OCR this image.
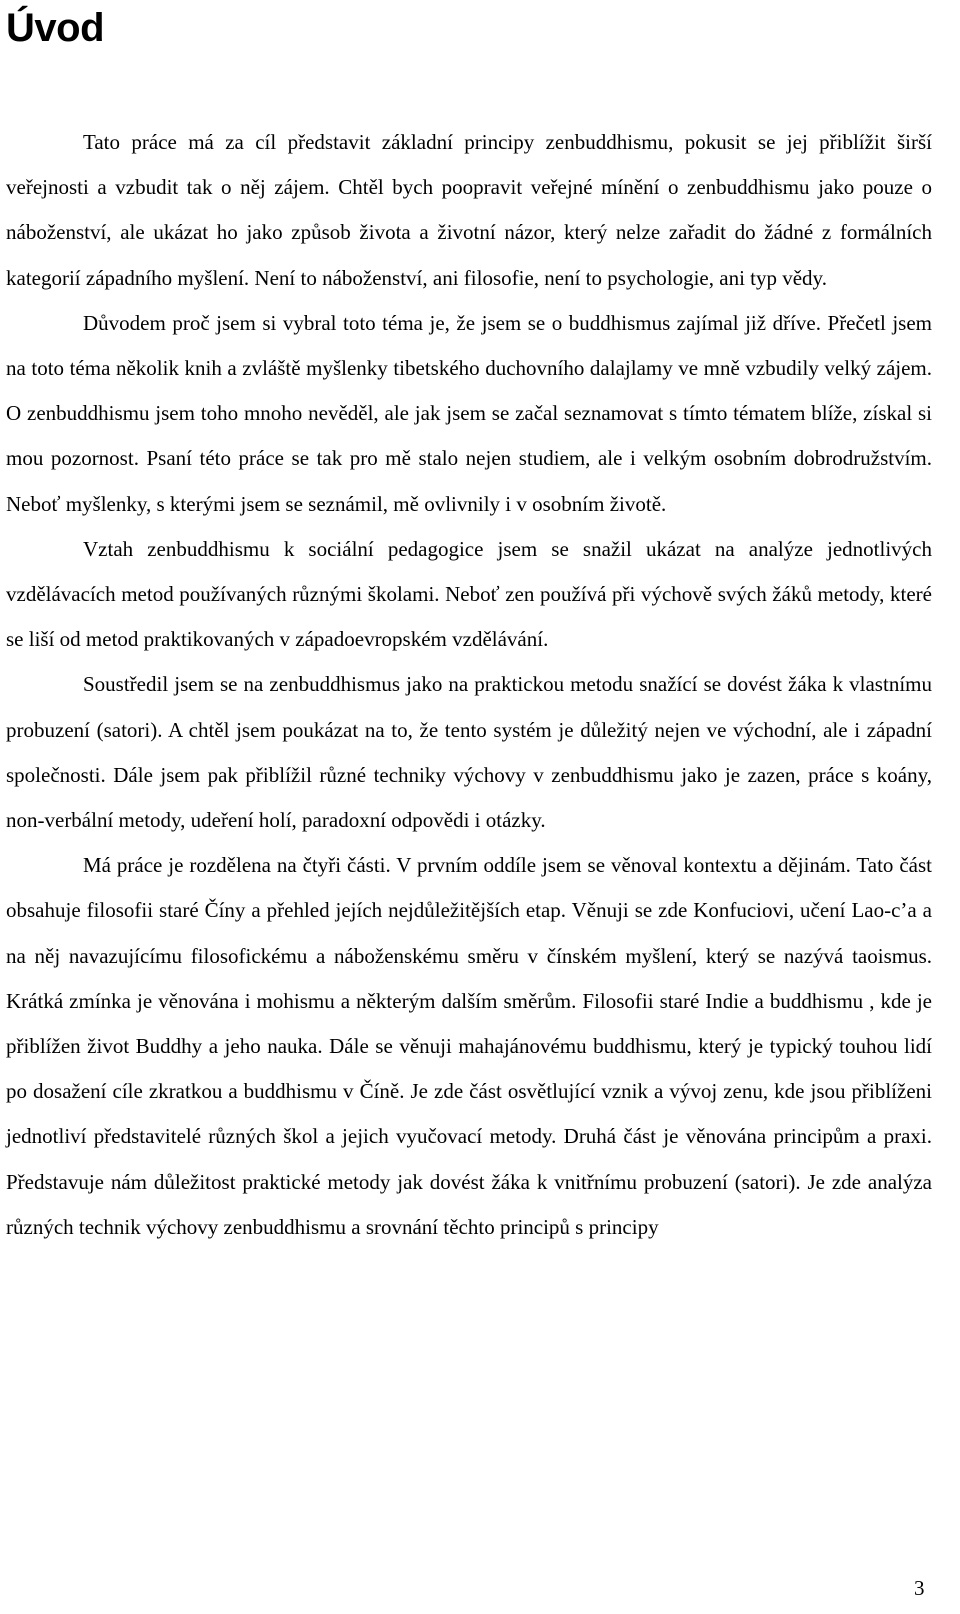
Úvod

Tato práce má za cíl představit základní principy zenbuddhismu, pokusit se jej přiblížit širší veřejnosti a vzbudit tak o něj zájem. Chtěl bych poopravit veřejné mínění o zenbuddhismu jako pouze o náboženství, ale ukázat ho jako způsob života a životní názor, který nelze zařadit do žádné z formálních kategorií západního myšlení. Není to náboženství, ani filosofie, není to psychologie, ani typ vědy.

Důvodem proč jsem si vybral toto téma je, že jsem se o buddhismus zajímal již dříve. Přečetl jsem na toto téma několik knih a zvláště myšlenky tibetského duchovního dalajlamy ve mně vzbudily velký zájem. O zenbuddhismu jsem toho mnoho nevěděl, ale jak jsem se začal seznamovat s tímto tématem blíže, získal si mou pozornost. Psaní této práce se tak pro mě stalo nejen studiem, ale i velkým osobním dobrodružstvím. Neboť myšlenky, s kterými jsem se seznámil, mě ovlivnily i v osobním životě.

Vztah zenbuddhismu k sociální pedagogice jsem se snažil ukázat na analýze jednotlivých vzdělávacích metod používaných různými školami. Neboť zen používá při výchově svých žáků metody, které se liší od metod praktikovaných v západoevropském vzdělávání.

Soustředil jsem se na zenbuddhismus jako na praktickou metodu snažící se dovést žáka k vlastnímu probuzení (satori). A chtěl jsem poukázat na to, že tento systém je důležitý nejen ve východní, ale i západní společnosti. Dále jsem pak přiblížil různé techniky výchovy v zenbuddhismu jako je zazen, práce s koány, non-verbální metody, udeření holí, paradoxní odpovědi i otázky.

Má práce je rozdělena na čtyři části. V prvním oddíle jsem se věnoval kontextu a dějinám. Tato část obsahuje filosofii staré Číny a přehled jejích nejdůležitějších etap. Věnuji se zde Konfuciovi, učení Lao-c’a a na něj navazujícímu filosofickému a náboženskému směru v čínském myšlení, který se nazývá taoismus. Krátká zmínka je věnována i mohismu a některým dalším směrům. Filosofii staré Indie a buddhismu , kde je přiblížen život Buddhy a jeho nauka. Dále se věnuji mahajánovému buddhismu, který je typický touhou lidí po dosažení cíle zkratkou a buddhismu v Číně. Je zde část osvětlující vznik a vývoj zenu, kde jsou přiblíženi jednotliví představitelé různých škol a jejich vyučovací metody. Druhá část je věnována principům a praxi. Představuje nám důležitost praktické metody jak dovést žáka k vnitřnímu probuzení (satori). Je zde analýza různých technik výchovy zenbuddhismu a srovnání těchto principů s principy

3
